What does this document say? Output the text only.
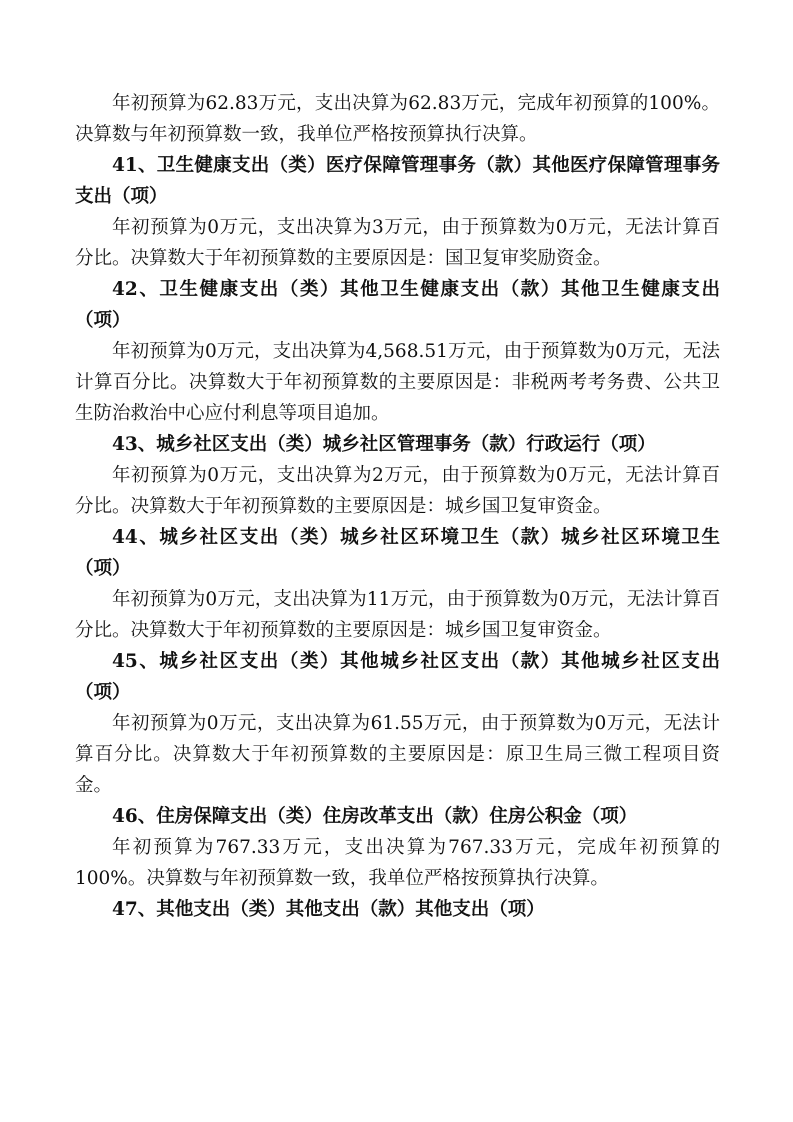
年初预算为62.83万元，支出决算为62.83万元，完成年初预算的100%。决算数与年初预算数一致，我单位严格按预算执行决算。

41、卫生健康支出（类）医疗保障管理事务（款）其他医疗保障管理事务支出（项）

年初预算为0万元，支出决算为3万元，由于预算数为0万元，无法计算百分比。决算数大于年初预算数的主要原因是：国卫复审奖励资金。

42、卫生健康支出（类）其他卫生健康支出（款）其他卫生健康支出（项）

年初预算为0万元，支出决算为4,568.51万元，由于预算数为0万元，无法计算百分比。决算数大于年初预算数的主要原因是：非税两考考务费、公共卫生防治救治中心应付利息等项目追加。

43、城乡社区支出（类）城乡社区管理事务（款）行政运行（项）

年初预算为0万元，支出决算为2万元，由于预算数为0万元，无法计算百分比。决算数大于年初预算数的主要原因是：城乡国卫复审资金。

44、城乡社区支出（类）城乡社区环境卫生（款）城乡社区环境卫生（项）

年初预算为0万元，支出决算为11万元，由于预算数为0万元，无法计算百分比。决算数大于年初预算数的主要原因是：城乡国卫复审资金。

45、城乡社区支出（类）其他城乡社区支出（款）其他城乡社区支出（项）

年初预算为0万元，支出决算为61.55万元，由于预算数为0万元，无法计算百分比。决算数大于年初预算数的主要原因是：原卫生局三微工程项目资金。

46、住房保障支出（类）住房改革支出（款）住房公积金（项）

年初预算为767.33万元，支出决算为767.33万元，完成年初预算的100%。决算数与年初预算数一致，我单位严格按预算执行决算。

47、其他支出（类）其他支出（款）其他支出（项）
